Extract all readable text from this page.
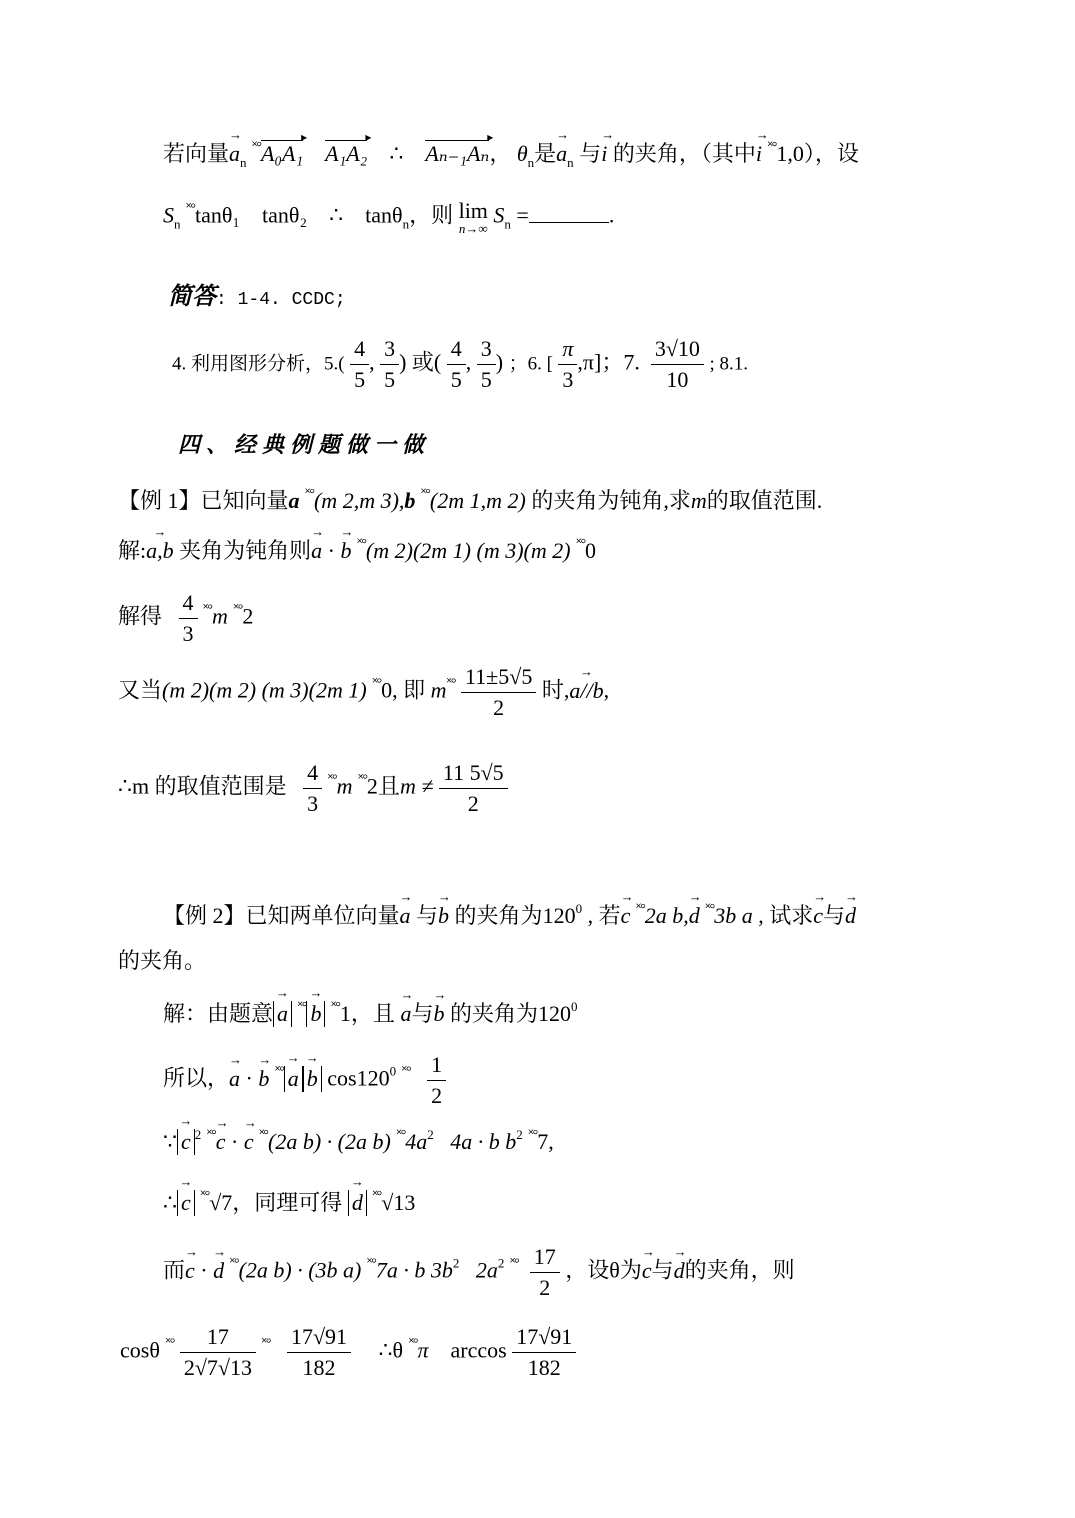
若向量→ $a_n$ ˟°A₀A₁ ▸ A₁A₂ ▸ ∴ Aₙ₋₁Aₙ ▸， $\theta_n$是→ $a_n$ 与→ i 的夹角，（其中→ i ˟°1,0），设
$S_n$ ˟°tanθ₁ tanθ₂ ∴ tanθ$_n$，则 lim
n→∞
$S_n$ =	.
简答: 1-4. CCDC;
4. 利用图形分析，$5.( \frac{4}{5}$ , $\frac{3}{5}$ ) 或( $\frac{4}{5}$ , $\frac{3}{5}$ ) ；6. [ $\frac{\pi}{3} ,\pi$]；7. $\frac{3√10}{10}$ ; 8.1.
四、经典例题做一做
【例 1】已知向量a ˟°(m 2,m 3),b ˟°(2m 1,m 2) 的夹角为钝角,求m的取值范围.
解:→ a,b 夹角为钝角则→ a · → b ˟°(m 2)(2m 1) (m 3)(m 2) ˟°0
解得 $\frac{4}{3} ^{˟^\circ}m$ ˟°2
又当(m 2)(m 2) (m 3)(2m 1) ˟°0, 即 $m^{˟^\circ} \frac{11\pm 5√5}{2}$ 时,→ a//b,
∴m 的取值范围是 $\frac{4}{3} ^{˟^\circ}m$ ˟°2且$m \ne \frac{11 5√5}{2}$
【例 2】已知两单位向量→ a 与→ b 的夹角为$120^0$ , 若→ c ˟°2a b,→ d ˟°3b a , 试求→ c与→ d
的夹角。
解：由题意 → a ˟° → b ˟°1，且 → a与→ b 的夹角为$120^0$
所以，→ a · → b ˟° → a → b $\cos 120^0$ $^{˟^\circ} \frac{1}{2}$
∵ → c $^2$ ˟°→ c · → c ˟°(2a b) · (2a b) $^{˟^\circ}4a^2$ 4a · b $b^2$ ˟°7,
∴ → c ˟°√7，同理可得 → d ˟°√13
而→ c · → d ˟°(2a b) · (3b a) ˟°7a · b $3b^2$ $2a^2$ $^{˟^\circ} \frac{17}{2}$ ，设θ为→ c与→ d的夹角，则
cosθ $^{˟^\circ} \frac{17}{2√7√13} ^{˟^\circ} \frac{17√91}{182}$ ∴θ ˟°π $\arccos \frac{17√91}{182}$
